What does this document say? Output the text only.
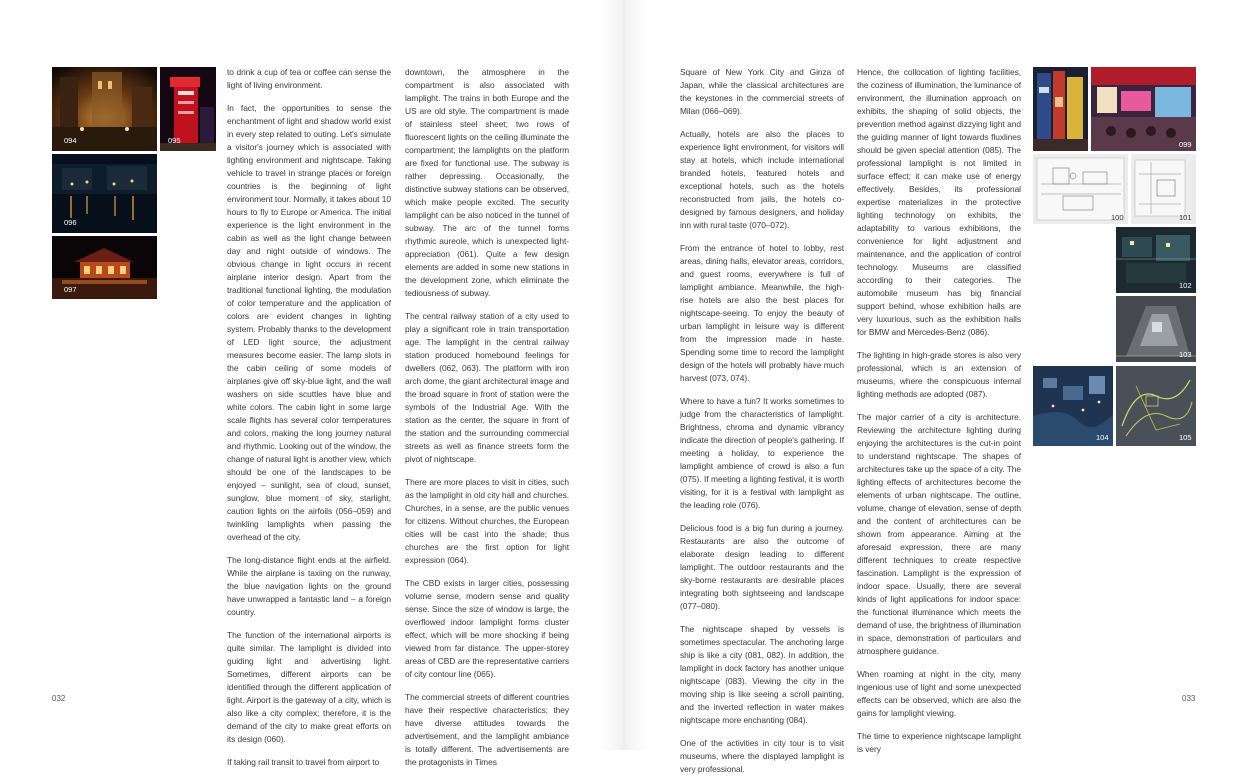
094	095
096
097

to drink a cup of tea or coffee can sense the light of living environment.

In fact, the opportunities to sense the enchantment of light and shadow world exist in every step related to outing. Let's simulate a visitor's journey which is associated with lighting environment and nightscape. Taking vehicle to travel in strange places or foreign countries is the beginning of light environment tour. Normally, it takes about 10 hours to fly to Europe or America. The initial experience is the light environment in the cabin as well as the light change between day and night outside of windows. The obvious change in light occurs in recent airplane interior design. Apart from the traditional functional lighting, the modulation of color temperature and the application of colors are evident changes in lighting system. Probably thanks to the development of LED light source, the adjustment measures become easier. The lamp slots in the cabin ceiling of some models of airplanes give off sky-blue light, and the wall washers on side scuttles have blue and white colors. The cabin light in some large scale flights has several color temperatures and colors, making the long journey natural and rhythmic. Looking out of the window, the change of natural light is another view, which should be one of the landscapes to be enjoyed – sunlight, sea of cloud, sunset, sunglow, blue moment of sky, starlight, caution lights on the airfoils (056–059) and twinkling lamplights when passing the overhead of the city.

The long-distance flight ends at the airfield. While the airplane is taxiing on the runway, the blue navigation lights on the ground have unwrapped a fantastic land – a foreign country.

The function of the international airports is quite similar. The lamplight is divided into guiding light and advertising light. Sometimes, different airports can be identified through the different application of light. Airport is the gateway of a city, which is also like a city complex; therefore, it is the demand of the city to make great efforts on its design (060).

If taking rail transit to travel from airport to

downtown, the atmosphere in the compartment is also associated with lamplight. The trains in both Europe and the US are old style. The compartment is made of stainless steel sheet; two rows of fluorescent lights on the ceiling illuminate the compartment; the lamplights on the platform are fixed for functional use. The subway is rather depressing. Occasionally, the distinctive subway stations can be observed, which make people excited. The security lamplight can be also noticed in the tunnel of subway. The arc of the tunnel forms rhythmic aureole, which is unexpected light-appreciation (061). Quite a few design elements are added in some new stations in the development zone, which eliminate the tediousness of subway.

The central railway station of a city used to play a significant role in train transportation age. The lamplight in the central railway station produced homebound feelings for dwellers (062, 063). The platform with iron arch dome, the giant architectural image and the broad square in front of station were the symbols of the Industrial Age. With the station as the center, the square in front of the station and the surrounding commercial streets as well as finance streets form the pivot of nightscape.

There are more places to visit in cities, such as the lamplight in old city hall and churches. Churches, in a sense, are the public venues for citizens. Without churches, the European cities will be cast into the shade; thus churches are the first option for light expression (064).

The CBD exists in larger cities, possessing volume sense, modern sense and quality sense. Since the size of window is large, the overflowed indoor lamplight forms cluster effect, which will be more shocking if being viewed from far distance. The upper-storey areas of CBD are the representative carriers of city contour line (065).

The commercial streets of different countries have their respective characteristics; they have diverse attitudes towards the advertisement, and the lamplight ambiance is totally different. The advertisements are the protagonists in Times

032

Square of New York City and Ginza of Japan, while the classical architectures are the keystones in the commercial streets of Milan (066–069).

Actually, hotels are also the places to experience light environment, for visitors will stay at hotels, which include international branded hotels, featured hotels and exceptional hotels, such as the hotels reconstructed from jails, the hotels co-designed by famous designers, and holiday inn with rural taste (070–072).

From the entrance of hotel to lobby, rest areas, dining halls, elevator areas, corridors, and guest rooms, everywhere is full of lamplight ambiance. Meanwhile, the high-rise hotels are also the best places for nightscape-seeing. To enjoy the beauty of urban lamplight in leisure way is different from the impression made in haste. Spending some time to record the lamplight design of the hotels will probably have much harvest (073, 074).

Where to have a fun? It works sometimes to judge from the characteristics of lamplight. Brightness, chroma and dynamic vibrancy indicate the direction of people's gathering. If meeting a holiday, to experience the lamplight ambience of crowd is also a fun (075). If meeting a lighting festival, it is worth visiting, for it is a festival with lamplight as the leading role (076).

Delicious food is a big fun during a journey. Restaurants are also the outcome of elaborate design leading to different lamplight. The outdoor restaurants and the sky-borne restaurants are desirable places integrating both sightseeing and landscape (077–080).

The nightscape shaped by vessels is sometimes spectacular. The anchoring large ship is like a city (081, 082). In addition, the lamplight in dock factory has another unique nightscape (083). Viewing the city in the moving ship is like seeing a scroll painting, and the inverted reflection in water makes nightscape more enchanting (084).

One of the activities in city tour is to visit museums, where the displayed lamplight is very professional.

Hence, the collocation of lighting facilities, the coziness of illumination, the luminance of environment, the illumination approach on exhibits, the shaping of solid objects, the prevention method against dizzying light and the guiding manner of light towards fluxlines should be given special attention (085). The professional lamplight is not limited in surface effect; it can make use of energy effectively. Besides, its professional expertise materializes in the protective lighting technology on exhibits, the adaptability to various exhibitions, the convenience for light adjustment and maintenance, and the application of control technology. Museums are classified according to their categories. The automobile museum has big financial support behind, whose exhibition halls are very luxurious, such as the exhibition halls for BMW and Mercedes-Benz (086).

The lighting in high-grade stores is also very professional, which is an extension of museums, where the conspicuous internal lighting methods are adopted (087).

The major carrier of a city is architecture. Reviewing the architecture lighting during enjoying the architectures is the cut-in point to understand nightscape. The shapes of architectures take up the space of a city. The lighting effects of architectures become the elements of urban nightscape. The outline, volume, change of elevation, sense of depth and the content of architectures can be shown from appearance. Aiming at the aforesaid expression, there are many different techniques to create respective fascination. Lamplight is the expression of indoor space. Usually, there are several kinds of light applications for indoor space: the functional illuminance which meets the demand of use, the brightness of illumination in space, demonstration of particulars and atmosphere guidance.

When roaming at night in the city, many ingenious use of light and some unexpected effects can be observed, which are also the gains for lamplight viewing.

The time to experience nightscape lamplight is very

099
100	101
102
103
104	105
033
